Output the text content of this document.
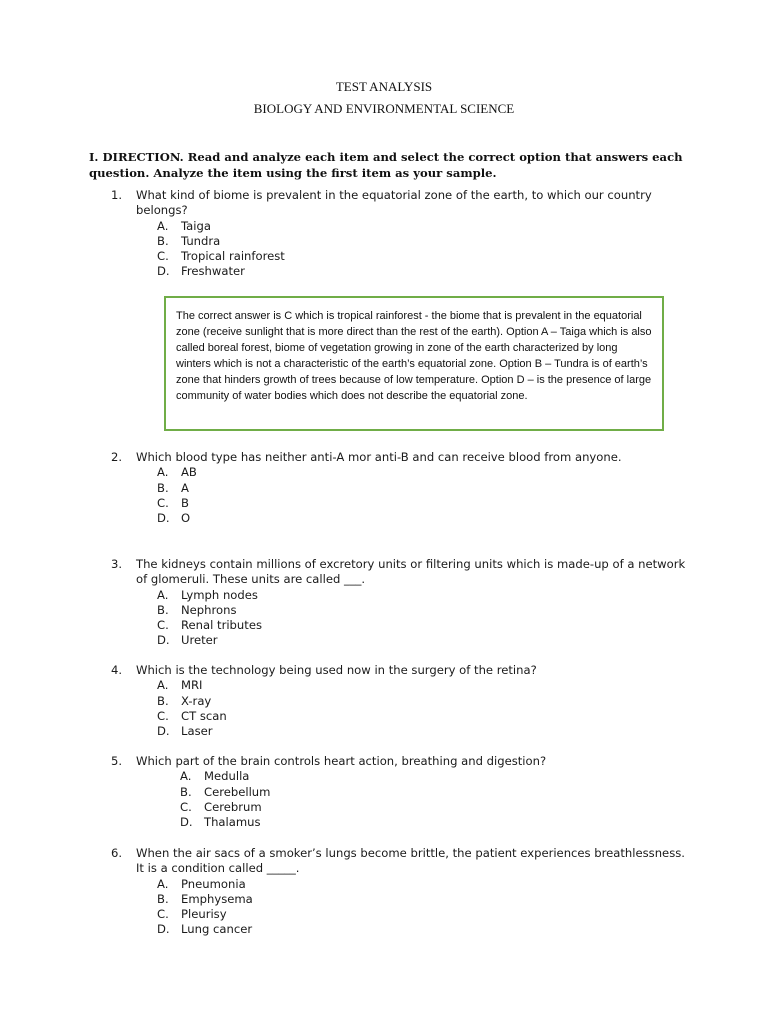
TEST ANALYSIS
BIOLOGY AND ENVIRONMENTAL SCIENCE
I. DIRECTION. Read and analyze each item and select the correct option that answers each question. Analyze the item using the first item as your sample.
1. What kind of biome is prevalent in the equatorial zone of the earth, to which our country belongs?
A. Taiga
B. Tundra
C. Tropical rainforest
D. Freshwater
The correct answer is C which is tropical rainforest - the biome that is prevalent in the equatorial zone (receive sunlight that is more direct than the rest of the earth). Option A – Taiga which is also called boreal forest, biome of vegetation growing in zone of the earth characterized by long winters which is not a characteristic of the earth’s equatorial zone. Option B – Tundra is of earth’s zone that hinders growth of trees because of low temperature. Option D – is the presence of large community of water bodies which does not describe the equatorial zone.
2. Which blood type has neither anti-A mor anti-B and can receive blood from anyone.
A. AB
B. A
C. B
D. O
3. The kidneys contain millions of excretory units or filtering units which is made-up of a network of glomeruli. These units are called ___.
A. Lymph nodes
B. Nephrons
C. Renal tributes
D. Ureter
4. Which is the technology being used now in the surgery of the retina?
A. MRI
B. X-ray
C. CT scan
D. Laser
5. Which part of the brain controls heart action, breathing and digestion?
A. Medulla
B. Cerebellum
C. Cerebrum
D. Thalamus
6. When the air sacs of a smoker’s lungs become brittle, the patient experiences breathlessness. It is a condition called _____.
A. Pneumonia
B. Emphysema
C. Pleurisy
D. Lung cancer
